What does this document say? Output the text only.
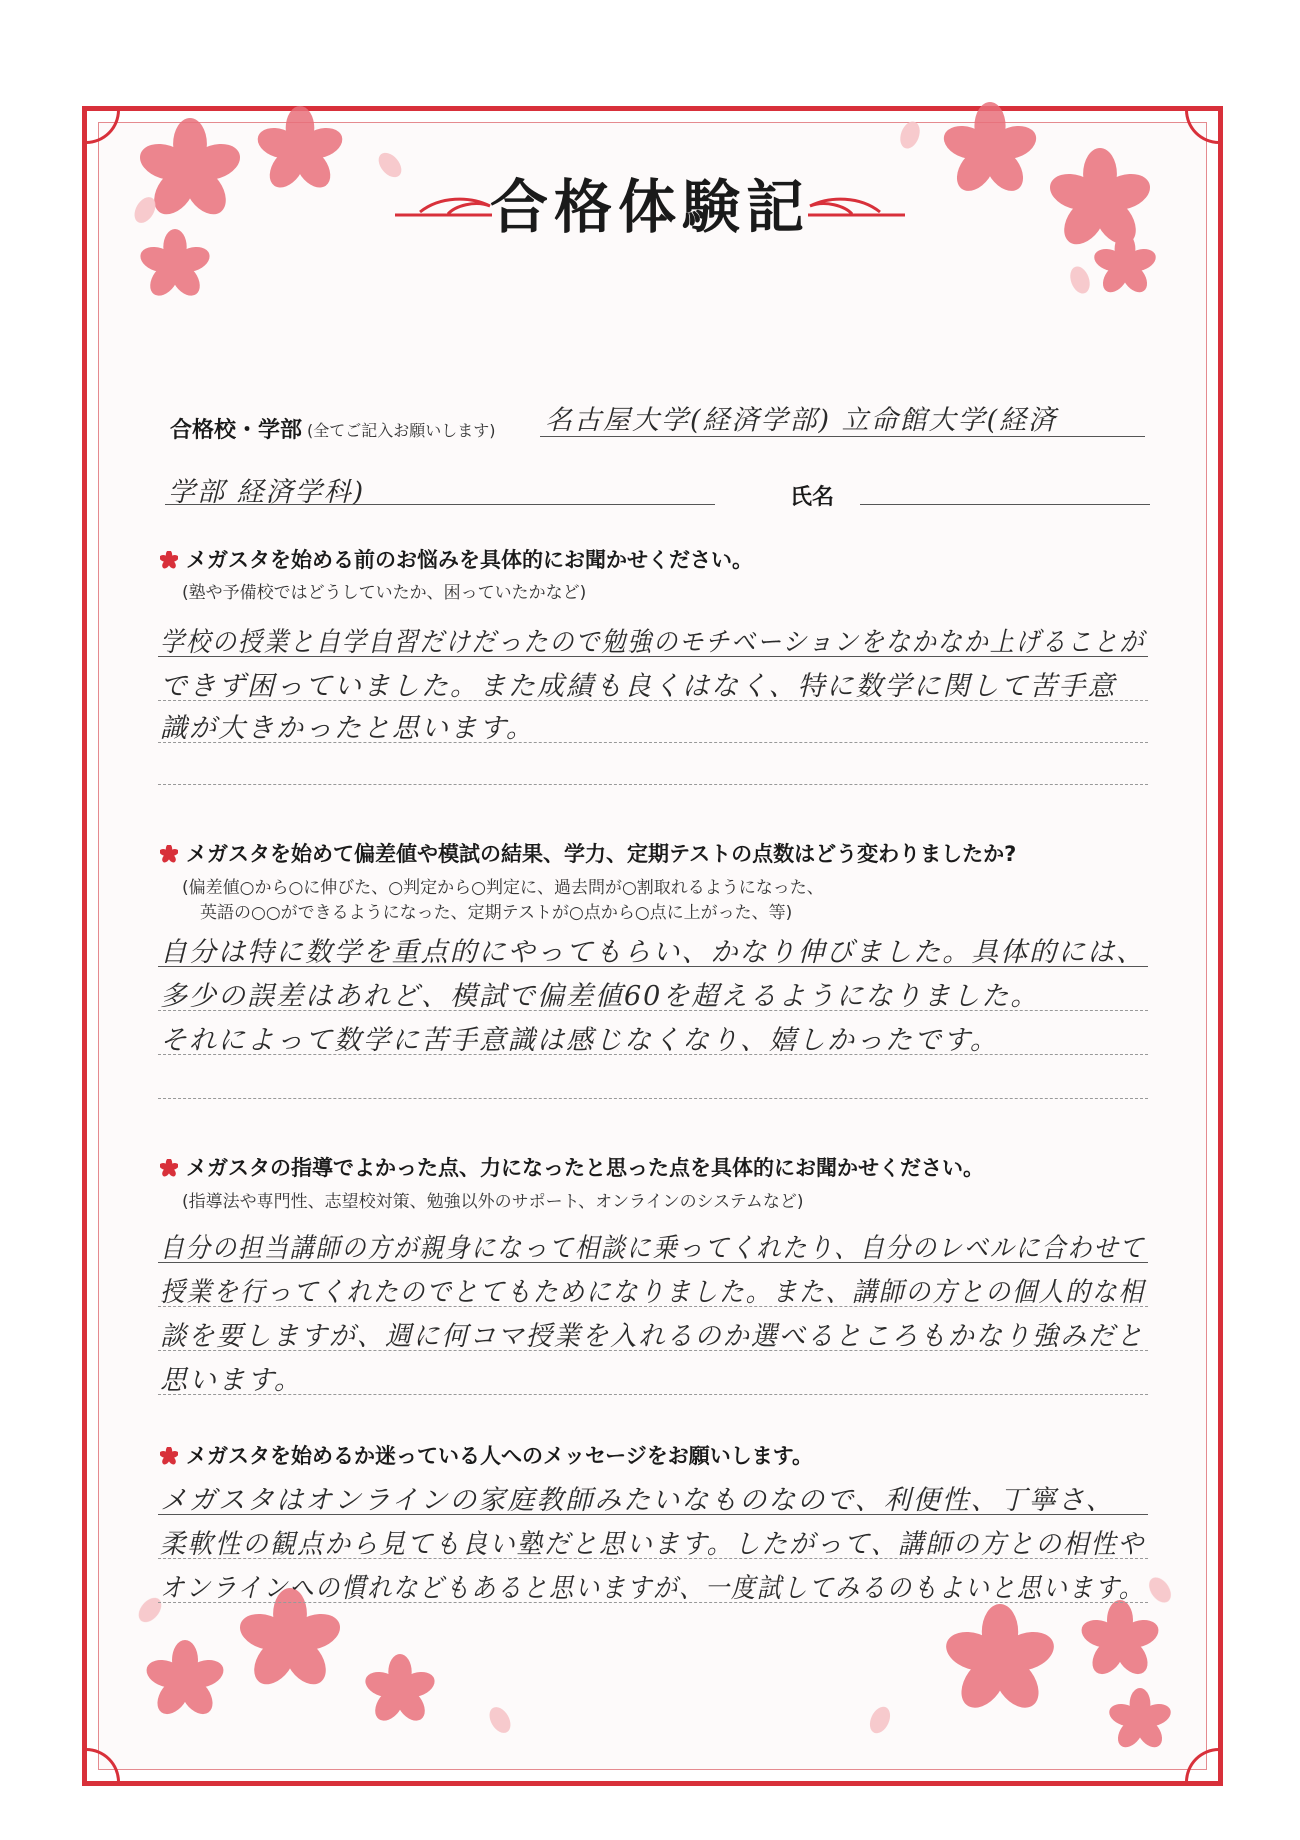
合格体験記
合格校・学部 (全てご記入お願いします) 名古屋大学(経済学部) 立命館大学(経済
学部 経済学科)	氏名
メガスタを始める前のお悩みを具体的にお聞かせください。
(塾や予備校ではどうしていたか、困っていたかなど)
学校の授業と自学自習だけだったので勉強のモチベーションをなかなか上げることが
できず困っていました。また成績も良くはなく、特に数学に関して苦手意
識が大きかったと思います。
メガスタを始めて偏差値や模試の結果、学力、定期テストの点数はどう変わりましたか?
(偏差値○から○に伸びた、○判定から○判定に、過去問が○割取れるようになった、
英語の○○ができるようになった、定期テストが○点から○点に上がった、等)
自分は特に数学を重点的にやってもらい、かなり伸びました。具体的には、
多少の誤差はあれど、模試で偏差値60を超えるようになりました。
それによって数学に苦手意識は感じなくなり、嬉しかったです。
メガスタの指導でよかった点、力になったと思った点を具体的にお聞かせください。
(指導法や専門性、志望校対策、勉強以外のサポート、オンラインのシステムなど)
自分の担当講師の方が親身になって相談に乗ってくれたり、自分のレベルに合わせて
授業を行ってくれたのでとてもためになりました。また、講師の方との個人的な相
談を要しますが、週に何コマ授業を入れるのか選べるところもかなり強みだと
思います。
メガスタを始めるか迷っている人へのメッセージをお願いします。
メガスタはオンラインの家庭教師みたいなものなので、利便性、丁寧さ、
柔軟性の観点から見ても良い塾だと思います。したがって、講師の方との相性や
オンラインへの慣れなどもあると思いますが、一度試してみるのもよいと思います。
